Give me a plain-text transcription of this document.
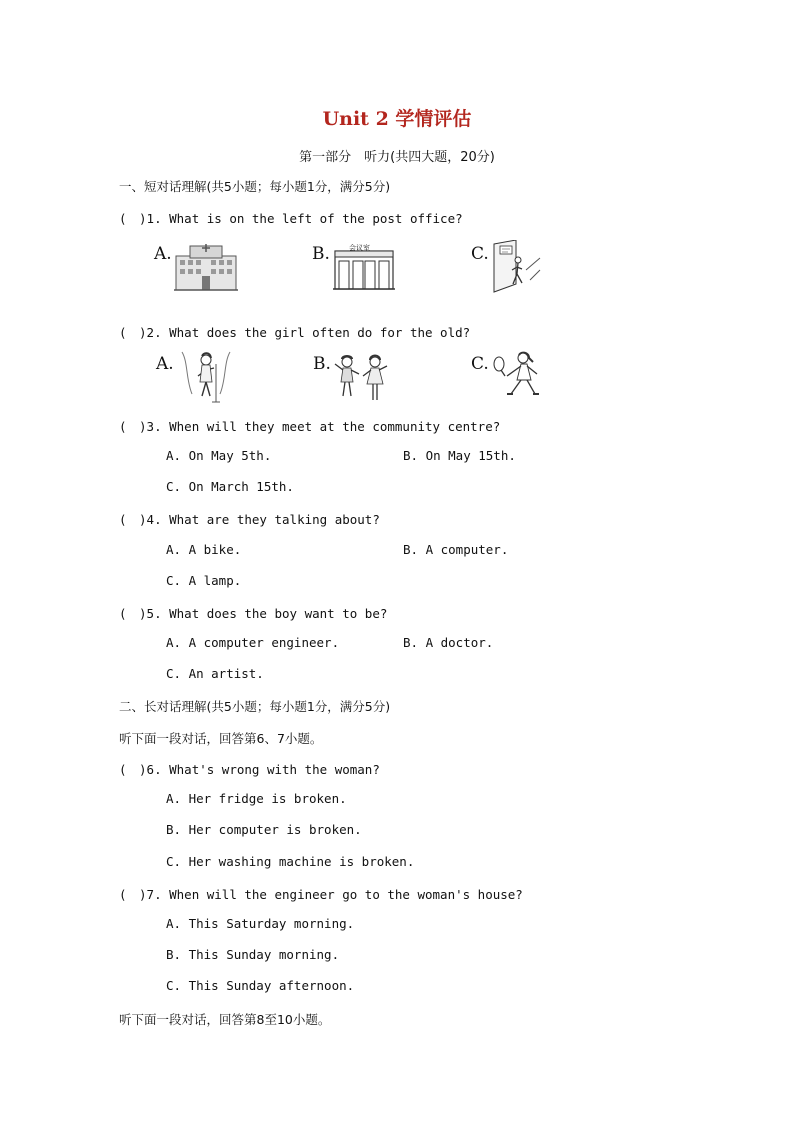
Unit 2 学情评估
第一部分　听力(共四大题，20分)
一、短对话理解(共5小题；每小题1分，满分5分)
(　)1. What is on the left of the post office?
A.	B.	会议室	C.
(　)2. What does the girl often do for the old?
A.	B.	C.
(　)3. When will they meet at the community centre?
A. On May 5th.	B. On May 15th.
C. On March 15th.
(　)4. What are they talking about?
A. A bike.	B. A computer.
C. A lamp.
(　)5. What does the boy want to be?
A. A computer engineer.	B. A doctor.
C. An artist.
二、长对话理解(共5小题；每小题1分，满分5分)
听下面一段对话，回答第6、7小题。
(　)6. What's wrong with the woman?
A. Her fridge is broken.
B. Her computer is broken.
C. Her washing machine is broken.
(　)7. When will the engineer go to the woman's house?
A. This Saturday morning.
B. This Sunday morning.
C. This Sunday afternoon.
听下面一段对话，回答第8至10小题。
